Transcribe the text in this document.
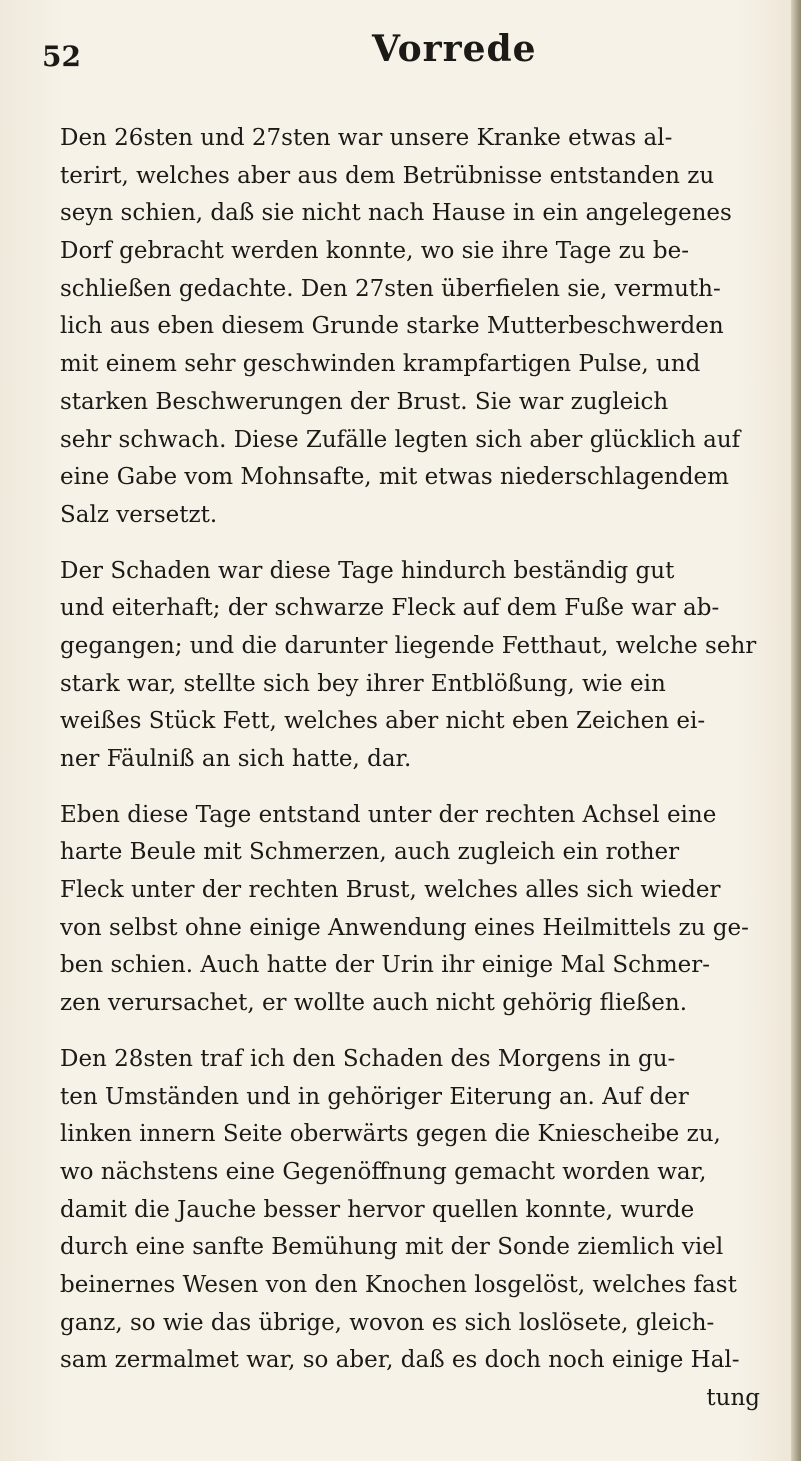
52	Vorrede
Den 26sten und 27sten war unsere Kranke etwas al-
terirt, welches aber aus dem Betrübnisse entstanden zu
seyn schien, daß sie nicht nach Hause in ein angelegenes
Dorf gebracht werden konnte, wo sie ihre Tage zu be-
schließen gedachte. Den 27sten überfielen sie, vermuth-
lich aus eben diesem Grunde starke Mutterbeschwerden
mit einem sehr geschwinden krampfartigen Pulse, und
starken Beschwerungen der Brust. Sie war zugleich
sehr schwach. Diese Zufälle legten sich aber glücklich auf
eine Gabe vom Mohnsafte, mit etwas niederschlagendem
Salz versetzt.
Der Schaden war diese Tage hindurch beständig gut
und eiterhaft; der schwarze Fleck auf dem Fuße war ab-
gegangen; und die darunter liegende Fetthaut, welche sehr
stark war, stellte sich bey ihrer Entblößung, wie ein
weißes Stück Fett, welches aber nicht eben Zeichen ei-
ner Fäulniß an sich hatte, dar.
Eben diese Tage entstand unter der rechten Achsel eine
harte Beule mit Schmerzen, auch zugleich ein rother
Fleck unter der rechten Brust, welches alles sich wieder
von selbst ohne einige Anwendung eines Heilmittels zu ge-
ben schien. Auch hatte der Urin ihr einige Mal Schmer-
zen verursachet, er wollte auch nicht gehörig fließen.
Den 28sten traf ich den Schaden des Morgens in gu-
ten Umständen und in gehöriger Eiterung an. Auf der
linken innern Seite oberwärts gegen die Kniescheibe zu,
wo nächstens eine Gegenöffnung gemacht worden war,
damit die Jauche besser hervor quellen konnte, wurde
durch eine sanfte Bemühung mit der Sonde ziemlich viel
beinernes Wesen von den Knochen losgelöst, welches fast
ganz, so wie das übrige, wovon es sich loslösete, gleich-
sam zermalmet war, so aber, daß es doch noch einige Hal-
tung
